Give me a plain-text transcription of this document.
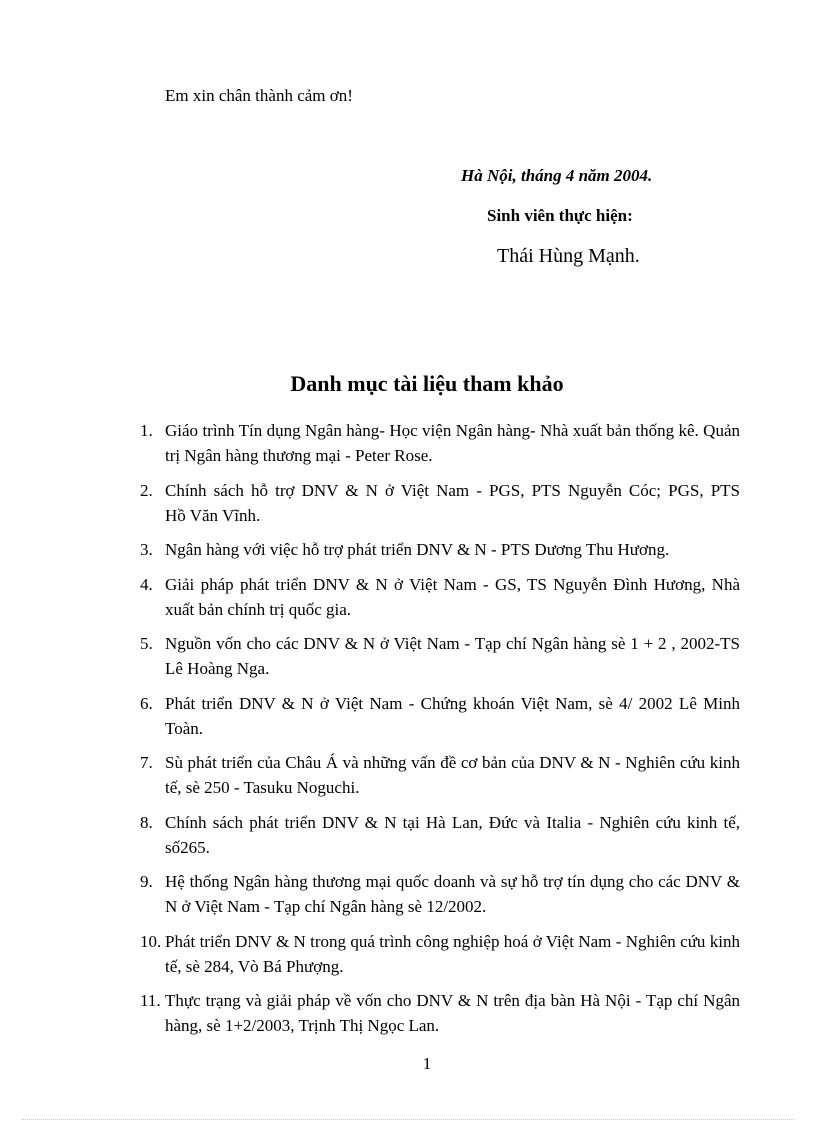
Em xin chân thành cảm ơn!
Hà Nội, tháng 4 năm 2004.
Sinh viên thực hiện:
Thái Hùng Mạnh.
Danh mục tài liệu tham khảo
1. Giáo trình Tín dụng Ngân hàng- Học viện Ngân hàng- Nhà xuất bản thống kê. Quản trị Ngân hàng thương mại - Peter Rose.
2. Chính sách hỗ trợ DNV & N ở Việt Nam - PGS, PTS Nguyễn Cóc; PGS, PTS        Hồ Văn Vĩnh.
3. Ngân hàng với việc hỗ trợ phát triển DNV & N - PTS Dương Thu Hương.
4. Giải pháp phát triển DNV & N ở Việt Nam - GS, TS Nguyễn Đình Hương, Nhà xuất bản chính trị quốc gia.
5. Nguồn vốn cho các DNV & N ở Việt Nam - Tạp chí Ngân hàng sè 1 + 2 , 2002-TS Lê Hoàng Nga.
6. Phát triển DNV & N ở Việt Nam - Chứng khoán Việt Nam, sè 4/ 2002 Lê Minh Toàn.
7. Sù phát triển của Châu Á và những vấn đề cơ bản của DNV & N - Nghiên cứu kinh tế, sè 250 - Tasuku Noguchi.
8. Chính sách phát triển DNV & N tại Hà Lan, Đức và Italia - Nghiên cứu kinh tế, số265.
9. Hệ thống Ngân hàng thương mại quốc doanh và sự hỗ trợ tín dụng cho các DNV & N ở Việt Nam - Tạp chí Ngân hàng sè 12/2002.
10. Phát triển DNV & N trong quá trình công nghiệp hoá ở Việt Nam - Nghiên cứu kinh tế, sè 284, Vò Bá Phượng.
11. Thực trạng và giải pháp về vốn cho DNV & N trên địa bàn Hà Nội - Tạp chí Ngân hàng, sè 1+2/2003, Trịnh Thị Ngọc Lan.
1
